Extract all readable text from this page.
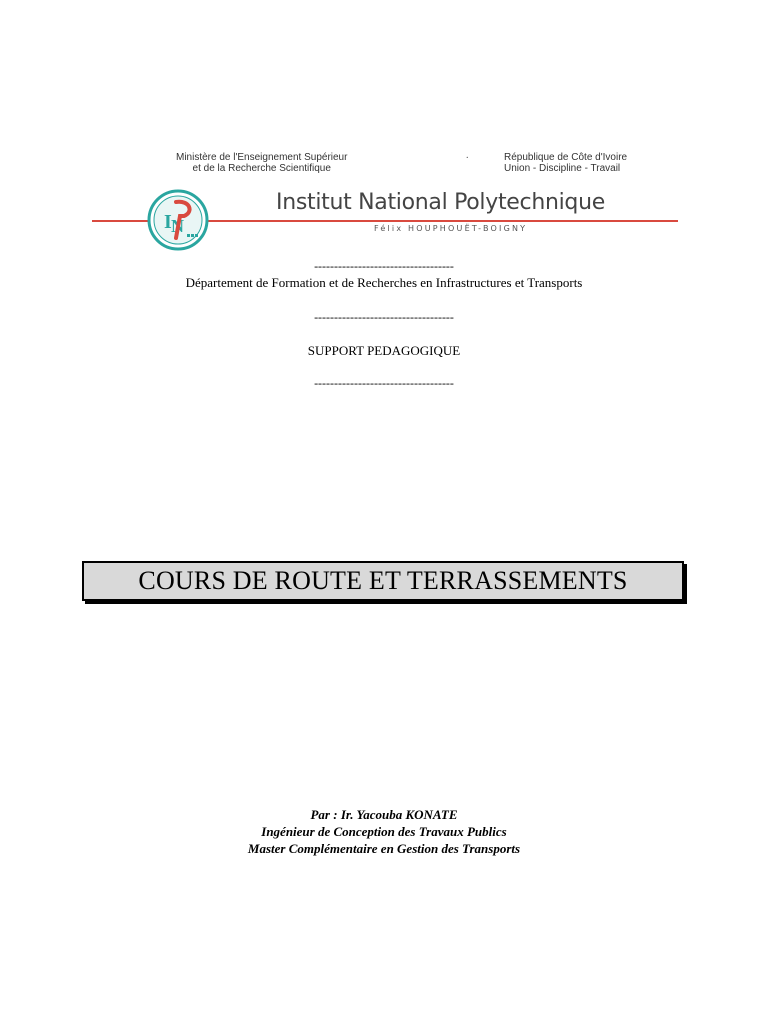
Ministère de l'Enseignement Supérieur
et de la Recherche Scientifique
.	République de Côte d'Ivoire
Union - Discipline - Travail
I N
Institut National Polytechnique
Félix HOUPHOUËT-BOIGNY
-----------------------------------
Département de Formation et de Recherches en Infrastructures et Transports
-----------------------------------
SUPPORT PEDAGOGIQUE
-----------------------------------
COURS DE ROUTE ET TERRASSEMENTS
Par : Ir. Yacouba KONATE
Ingénieur de Conception des Travaux Publics
Master Complémentaire en Gestion des Transports
